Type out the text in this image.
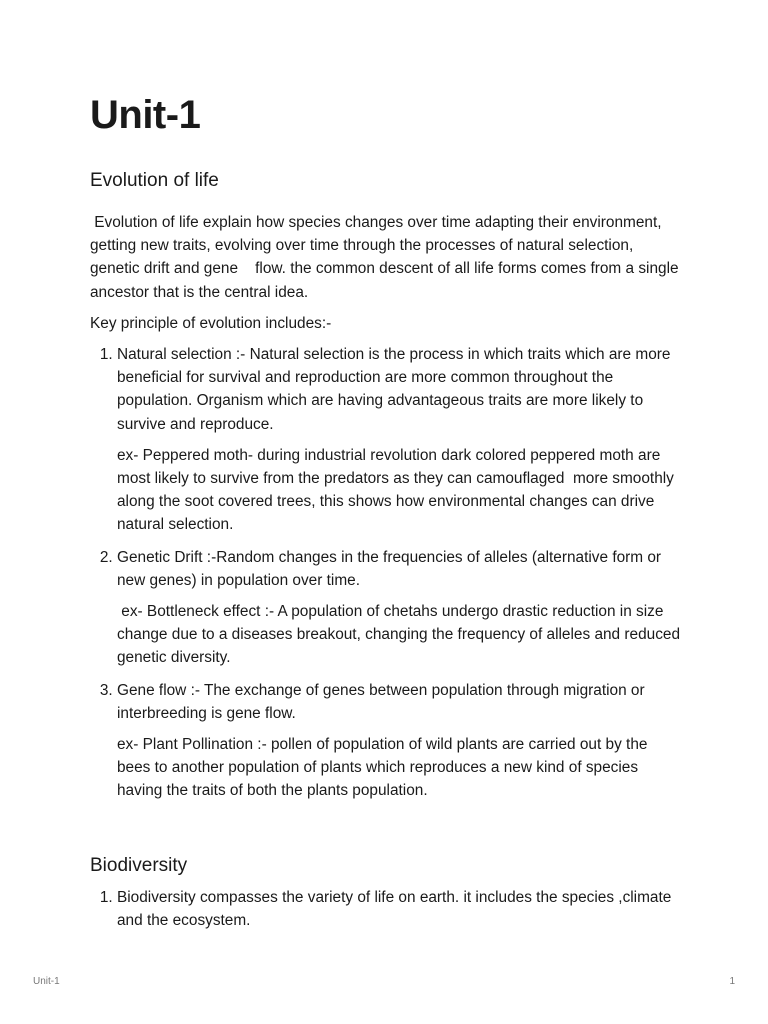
Unit-1
Evolution of life

Evolution of life explain how species changes over time adapting their environment, getting new traits, evolving over time through the processes of natural selection, genetic drift and gene    flow. the common descent of all life forms comes from a single ancestor that is the central idea.

Key principle of evolution includes:-

1. Natural selection :- Natural selection is the process in which traits which are more beneficial for survival and reproduction are more common throughout the population. Organism which are having advantageous traits are more likely to survive and reproduce.

ex- Peppered moth- during industrial revolution dark colored peppered moth are most likely to survive from the predators as they can camouflaged  more smoothly along the soot covered trees, this shows how environmental changes can drive natural selection.

2. Genetic Drift :-Random changes in the frequencies of alleles (alternative form or new genes) in population over time.

ex- Bottleneck effect :- A population of chetahs undergo drastic reduction in size change due to a diseases breakout, changing the frequency of alleles and reduced genetic diversity.

3. Gene flow :- The exchange of genes between population through migration or interbreeding is gene flow.

ex- Plant Pollination :- pollen of population of wild plants are carried out by the bees to another population of plants which reproduces a new kind of species having the traits of both the plants population.

Biodiversity

1. Biodiversity compasses the variety of life on earth. it includes the species ,climate and the ecosystem.

Unit-1	1
